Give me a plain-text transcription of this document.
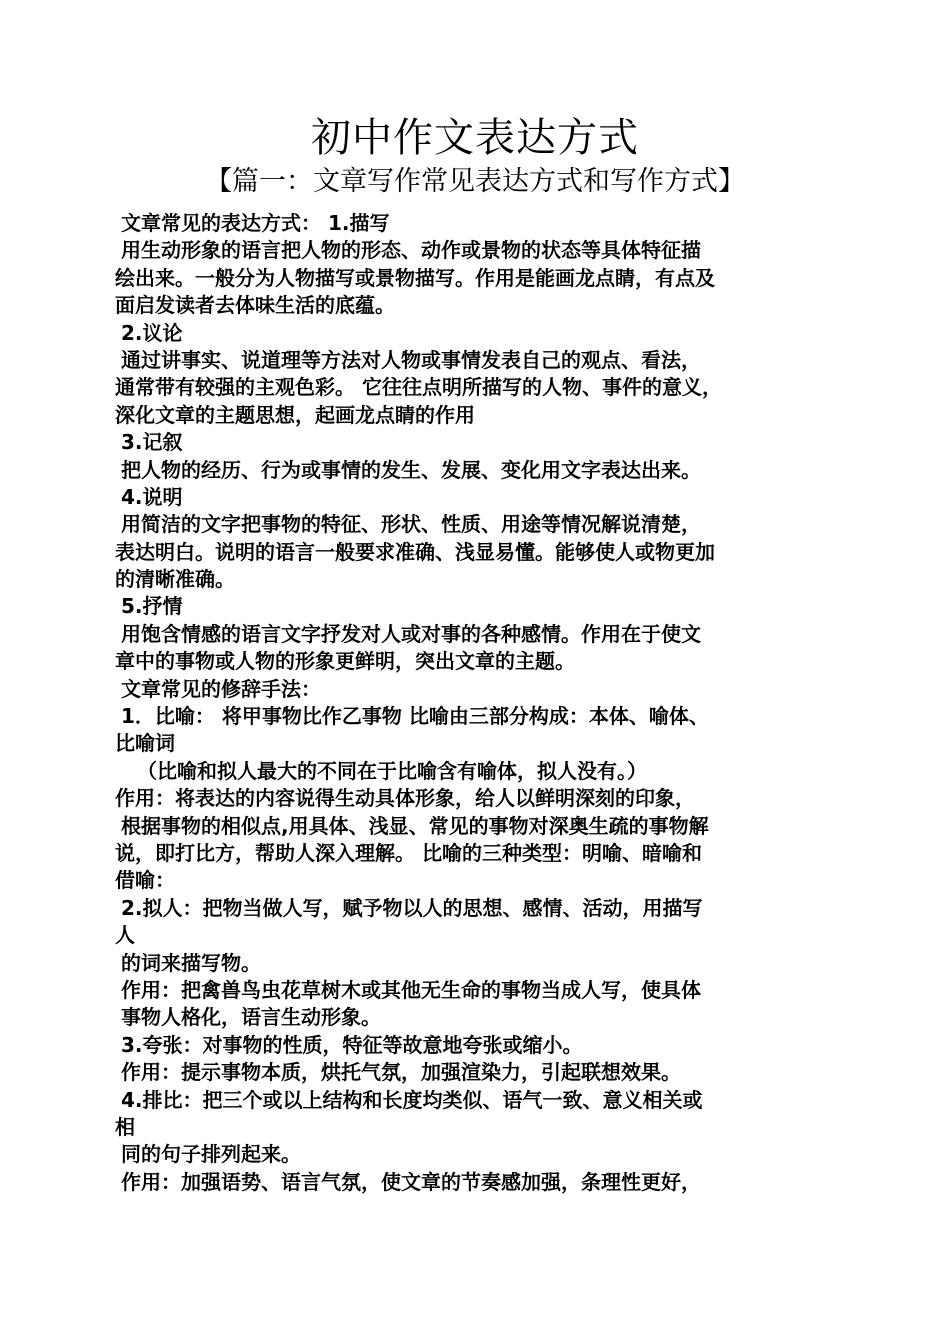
初中作文表达方式
【篇一：文章写作常见表达方式和写作方式】
文章常见的表达方式： 1.描写
用生动形象的语言把人物的形态、动作或景物的状态等具体特征描
绘出来。一般分为人物描写或景物描写。作用是能画龙点睛，有点及
面启发读者去体味生活的底蕴。
2.议论
通过讲事实、说道理等方法对人物或事情发表自己的观点、看法，
通常带有较强的主观色彩。 它往往点明所描写的人物、事件的意义，
深化文章的主题思想，起画龙点睛的作用
3.记叙
把人物的经历、行为或事情的发生、发展、变化用文字表达出来。
4.说明
用简洁的文字把事物的特征、形状、性质、用途等情况解说清楚，
表达明白。说明的语言一般要求准确、浅显易懂。能够使人或物更加
的清晰准确。
5.抒情
用饱含情感的语言文字抒发对人或对事的各种感情。作用在于使文
章中的事物或人物的形象更鲜明，突出文章的主题。
文章常见的修辞手法：
1．比喻： 将甲事物比作乙事物 比喻由三部分构成：本体、喻体、
比喻词
（比喻和拟人最大的不同在于比喻含有喻体，拟人没有。）
作用：将表达的内容说得生动具体形象，给人以鲜明深刻的印象，
根据事物的相似点,用具体、浅显、常见的事物对深奥生疏的事物解
说，即打比方，帮助人深入理解。 比喻的三种类型：明喻、暗喻和
借喻：
2.拟人：把物当做人写，赋予物以人的思想、感情、活动，用描写
人
的词来描写物。
作用：把禽兽鸟虫花草树木或其他无生命的事物当成人写，使具体
事物人格化，语言生动形象。
3.夸张：对事物的性质，特征等故意地夸张或缩小。
作用：提示事物本质，烘托气氛，加强渲染力，引起联想效果。
4.排比：把三个或以上结构和长度均类似、语气一致、意义相关或
相
同的句子排列起来。
作用：加强语势、语言气氛，使文章的节奏感加强，条理性更好，
